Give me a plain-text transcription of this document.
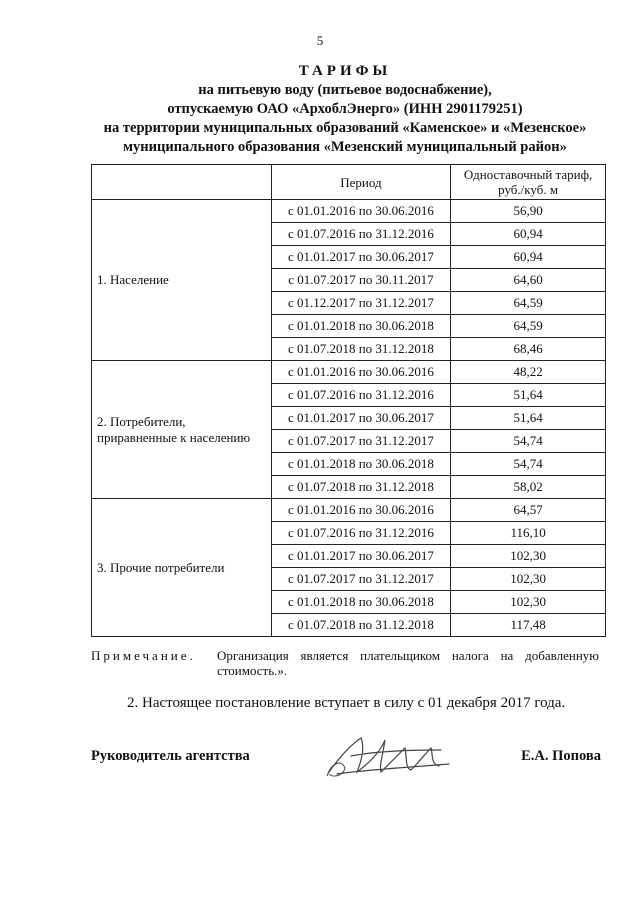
5
ТАРИФЫ
на питьевую воду (питьевое водоснабжение),
отпускаемую ОАО «АрхоблЭнерго» (ИНН 2901179251)
на территории муниципальных образований «Каменское» и «Мезенское»
муниципального образования «Мезенский муниципальный район»
	Период	Одноставочный тариф,
руб./куб. м

1. Население	с 01.01.2016 по 30.06.2016	56,90
	с 01.07.2016 по 31.12.2016	60,94
	с 01.01.2017 по 30.06.2017	60,94
	с 01.07.2017 по 30.11.2017	64,60
	с 01.12.2017 по 31.12.2017	64,59
	с 01.01.2018 по 30.06.2018	64,59
	с 01.07.2018 по 31.12.2018	68,46

2. Потребители,
приравненные к населению	с 01.01.2016 по 30.06.2016	48,22
	с 01.07.2016 по 31.12.2016	51,64
	с 01.01.2017 по 30.06.2017	51,64
	с 01.07.2017 по 31.12.2017	54,74
	с 01.01.2018 по 30.06.2018	54,74
	с 01.07.2018 по 31.12.2018	58,02

3. Прочие потребители	с 01.01.2016 по 30.06.2016	64,57
	с 01.07.2016 по 31.12.2016	116,10
	с 01.01.2017 по 30.06.2017	102,30
	с 01.07.2017 по 31.12.2017	102,30
	с 01.01.2018 по 30.06.2018	102,30
	с 01.07.2018 по 31.12.2018	117,48
Примечание. Организация является плательщиком налога на добавленную стоимость.».
2. Настоящее постановление вступает в силу с 01 декабря 2017 года.
Руководитель агентства	Е.А. Попова
